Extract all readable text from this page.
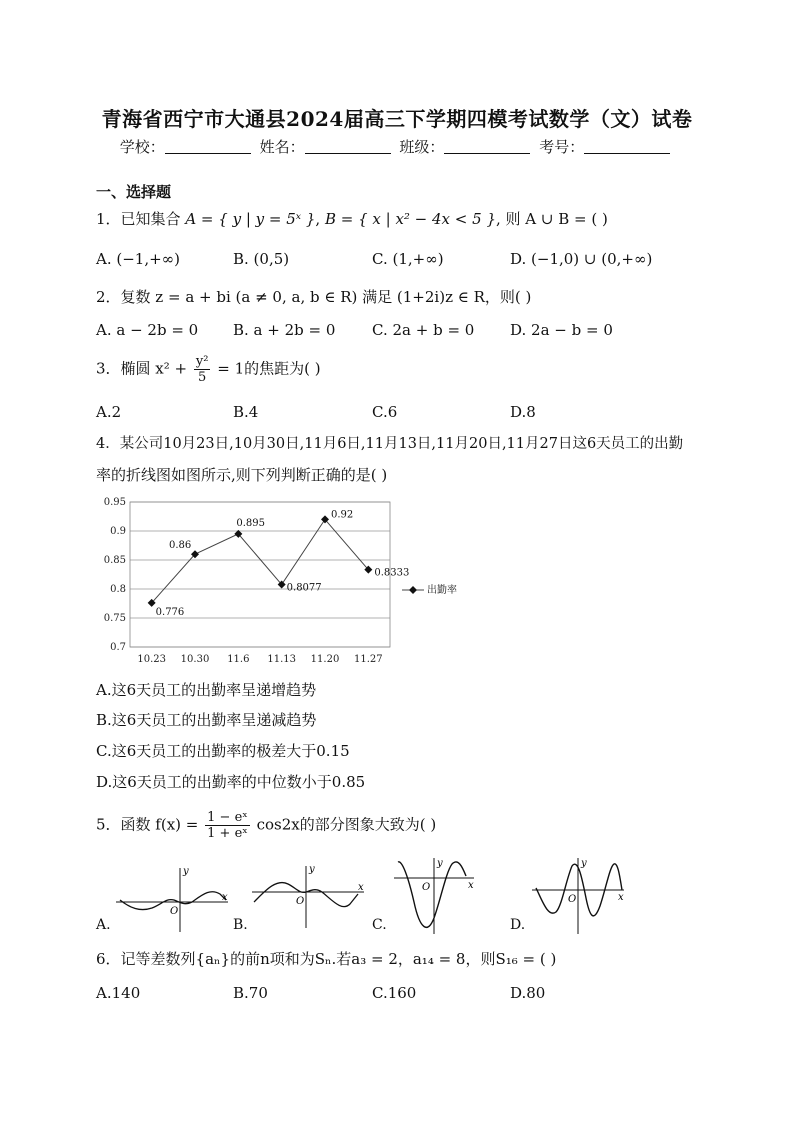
青海省西宁市大通县2024届高三下学期四模考试数学（文）试卷
学校：	姓名：	班级：	考号：
一、选择题
1．已知集合 A = { y | y = 5ˣ }, B = { x | x² − 4x < 5 }, 则 A ∪ B = ( )
A. (−1,+∞)	B. (0,5)	C. (1,+∞)	D. (−1,0) ∪ (0,+∞)
2．复数 z = a + bi (a ≠ 0, a, b ∈ R) 满足 (1+2i)z ∈ R，则( )
A. a − 2b = 0 B. a + 2b = 0 C. 2a + b = 0 D. 2a − b = 0
3．椭圆 $x^2 + \frac{\text{y²}}{5} = 1$的焦距为( )
A.2	B.4	C.6	D.8
4．某公司10月23日,10月30日,11月6日,11月13日,11月20日,11月27日这6天员工的出勤
率的折线图如图所示,则下列判断正确的是( )
0.95
0.9
0.85
0.8
0.75
0.7
10.23 10.30 11.6 11.13 11.20 11.27
0.776
0.86
0.895
0.8077
0.92
0.8333
出勤率
A.这6天员工的出勤率呈递增趋势
B.这6天员工的出勤率呈递减趋势
C.这6天员工的出勤率的极差大于0.15
D.这6天员工的出勤率的中位数小于0.85
5．函数 $f(x) = \frac{\text{1 − eˣ}}{\text{1 + eˣ}} \cos 2x$的部分图象大致为( )
A.
y
x
O
B.
y
x
O
C.
y
x
O
D.
y
x
O
6．记等差数列{aₙ}的前n项和为Sₙ.若a₃ = 2，a₁₄ = 8，则S₁₆ = ( )
A.140	B.70	C.160	D.80
